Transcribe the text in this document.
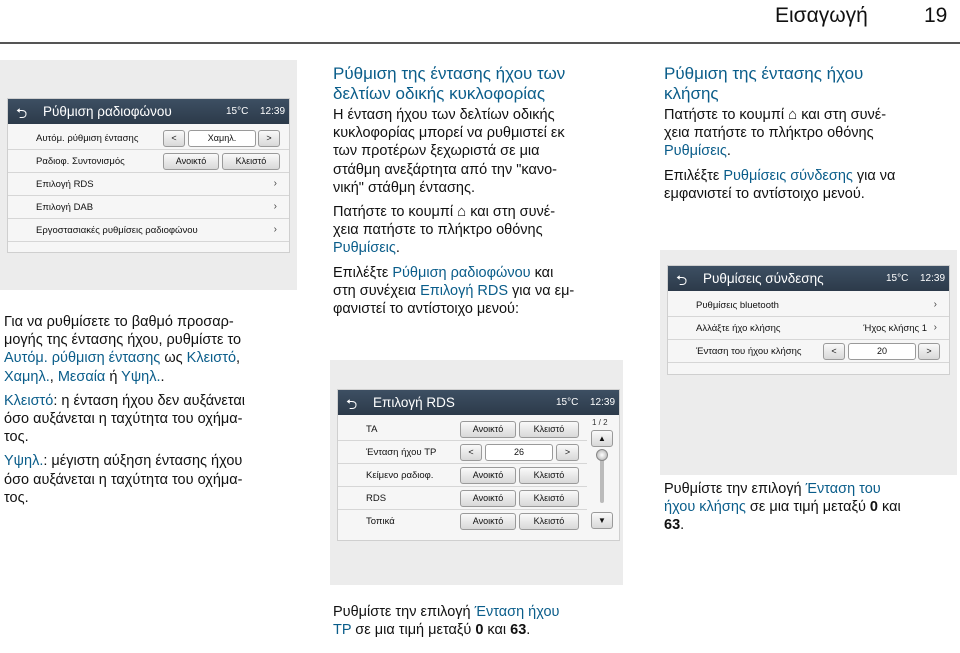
Εισαγωγή	19
⮌ Ρύθμιση ραδιοφώνου	15°C 12:39
Αυτόμ. ρύθμιση έντασης	<	Χαμηλ.	>
Ραδιοφ. Συντονισμός	Ανοικτό	Κλειστό
Επιλογή RDS	›
Επιλογή DAB	›
Εργοστασιακές ρυθμίσεις ραδιοφώνου	›
Για να ρυθμίσετε το βαθμό προσαρ-
μογής της έντασης ήχου, ρυθμίστε το
Αυτόμ. ρύθμιση έντασης ως Κλειστό,
Χαμηλ., Μεσαία ή Υψηλ..
Κλειστό: η ένταση ήχου δεν αυξάνεται
όσο αυξάνεται η ταχύτητα του οχήμα-
τος.
Υψηλ.: μέγιστη αύξηση έντασης ήχου
όσο αυξάνεται η ταχύτητα του οχήμα-
τος.
Ρύθμιση της έντασης ήχου των
δελτίων οδικής κυκλοφορίας
Η ένταση ήχου των δελτίων οδικής
κυκλοφορίας μπορεί να ρυθμιστεί εκ
των προτέρων ξεχωριστά σε μια
στάθμη ανεξάρτητα από την "κανο-
νική" στάθμη έντασης.
Πατήστε το κουμπί ⌂ και στη συνέ-
χεια πατήστε το πλήκτρο οθόνης
Ρυθμίσεις.
Επιλέξτε Ρύθμιση ραδιοφώνου και
στη συνέχεια Επιλογή RDS για να εμ-
φανιστεί το αντίστοιχο μενού:
⮌ Επιλογή RDS	15°C 12:39
TA	Ανοικτό	Κλειστό
Ένταση ήχου TP	<	26	>
Κείμενο ραδιοφ.	Ανοικτό	Κλειστό
RDS	Ανοικτό	Κλειστό
Τοπικά	Ανοικτό	Κλειστό
1 / 2
▲
▼
Ρυθμίστε την επιλογή Ένταση ήχου
TP σε μια τιμή μεταξύ 0 και 63.
Ρύθμιση της έντασης ήχου
κλήσης
Πατήστε το κουμπί ⌂ και στη συνέ-
χεια πατήστε το πλήκτρο οθόνης
Ρυθμίσεις.
Επιλέξτε Ρυθμίσεις σύνδεσης για να
εμφανιστεί το αντίστοιχο μενού.
⮌ Ρυθμίσεις σύνδεσης	15°C 12:39
Ρυθμίσεις bluetooth	›
Αλλάξτε ήχο κλήσης	Ήχος κλήσης 1 ›
Ένταση του ήχου κλήσης	<	20	>
Ρυθμίστε την επιλογή Ένταση του
ήχου κλήσης σε μια τιμή μεταξύ 0 και
63.
